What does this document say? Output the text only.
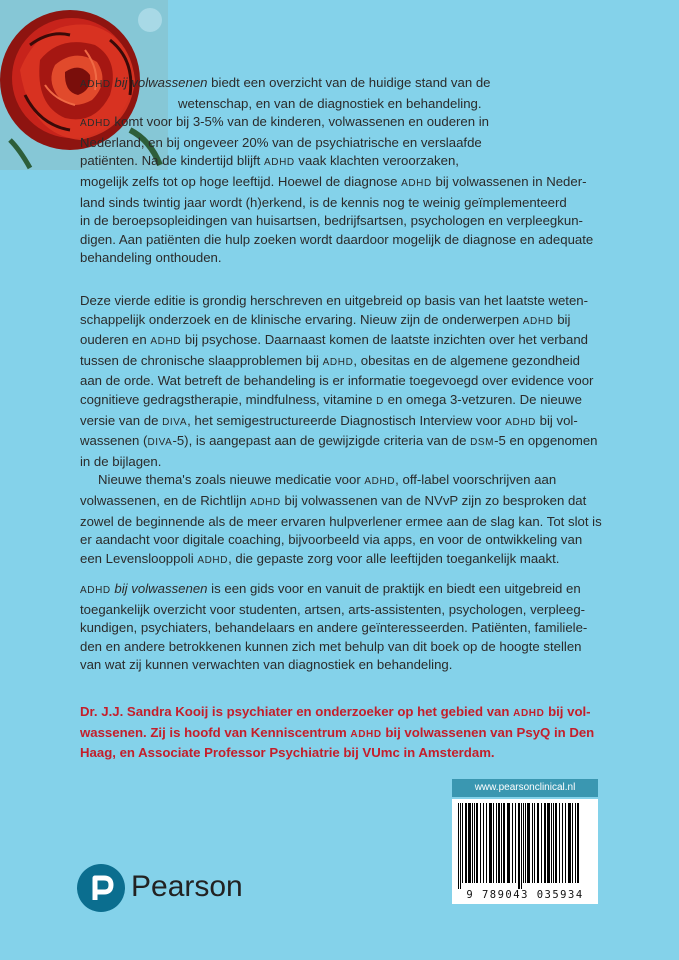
ADHD bij volwassenen biedt een overzicht van de huidige stand van de

wetenschap, en van de diagnostiek en behandeling.

ADHD komt voor bij 3-5% van de kinderen, volwassenen en ouderen in

Nederland, en bij ongeveer 20% van de psychiatrische en verslaafde

patiënten. Na de kindertijd blijft ADHD vaak klachten veroorzaken,

mogelijk zelfs tot op hoge leeftijd. Hoewel de diagnose ADHD bij volwassenen in Neder-

land sinds twintig jaar wordt (h)erkend, is de kennis nog te weinig geïmplementeerd

in de beroepsopleidingen van huisartsen, bedrijfsartsen, psychologen en verpleegkun-

digen. Aan patiënten die hulp zoeken wordt daardoor mogelijk de diagnose en adequate

behandeling onthouden.

Deze vierde editie is grondig herschreven en uitgebreid op basis van het laatste weten-

schappelijk onderzoek en de klinische ervaring. Nieuw zijn de onderwerpen ADHD bij

ouderen en ADHD bij psychose. Daarnaast komen de laatste inzichten over het verband

tussen de chronische slaapproblemen bij ADHD, obesitas en de algemene gezondheid

aan de orde. Wat betreft de behandeling is er informatie toegevoegd over evidence voor

cognitieve gedragstherapie, mindfulness, vitamine D en omega 3-vetzuren. De nieuwe

versie van de DIVA, het semigestructureerde Diagnostisch Interview voor ADHD bij vol-

wassenen (DIVA-5), is aangepast aan de gewijzigde criteria van de DSM-5 en opgenomen

in de bijlagen.

Nieuwe thema's zoals nieuwe medicatie voor ADHD, off-label voorschrijven aan

volwassenen, en de Richtlijn ADHD bij volwassenen van de NVvP zijn zo besproken dat

zowel de beginnende als de meer ervaren hulpverlener ermee aan de slag kan. Tot slot is

er aandacht voor digitale coaching, bijvoorbeeld via apps, en voor de ontwikkeling van

een Levenslooppoli ADHD, die gepaste zorg voor alle leeftijden toegankelijk maakt.

ADHD bij volwassenen is een gids voor en vanuit de praktijk en biedt een uitgebreid en

toegankelijk overzicht voor studenten, artsen, arts-assistenten, psychologen, verpleeg-

kundigen, psychiaters, behandelaars en andere geïnteresseerden. Patiënten, familiele-

den en andere betrokkenen kunnen zich met behulp van dit boek op de hoogte stellen

van wat zij kunnen verwachten van diagnostiek en behandeling.

Dr. J.J. Sandra Kooij is psychiater en onderzoeker op het gebied van ADHD bij vol-

wassenen. Zij is hoofd van Kenniscentrum ADHD bij volwassenen van PsyQ in Den

Haag, en Associate Professor Psychiatrie bij VUmc in Amsterdam.

www.pearsonclinical.nl
9 789043 035934
Pearson
